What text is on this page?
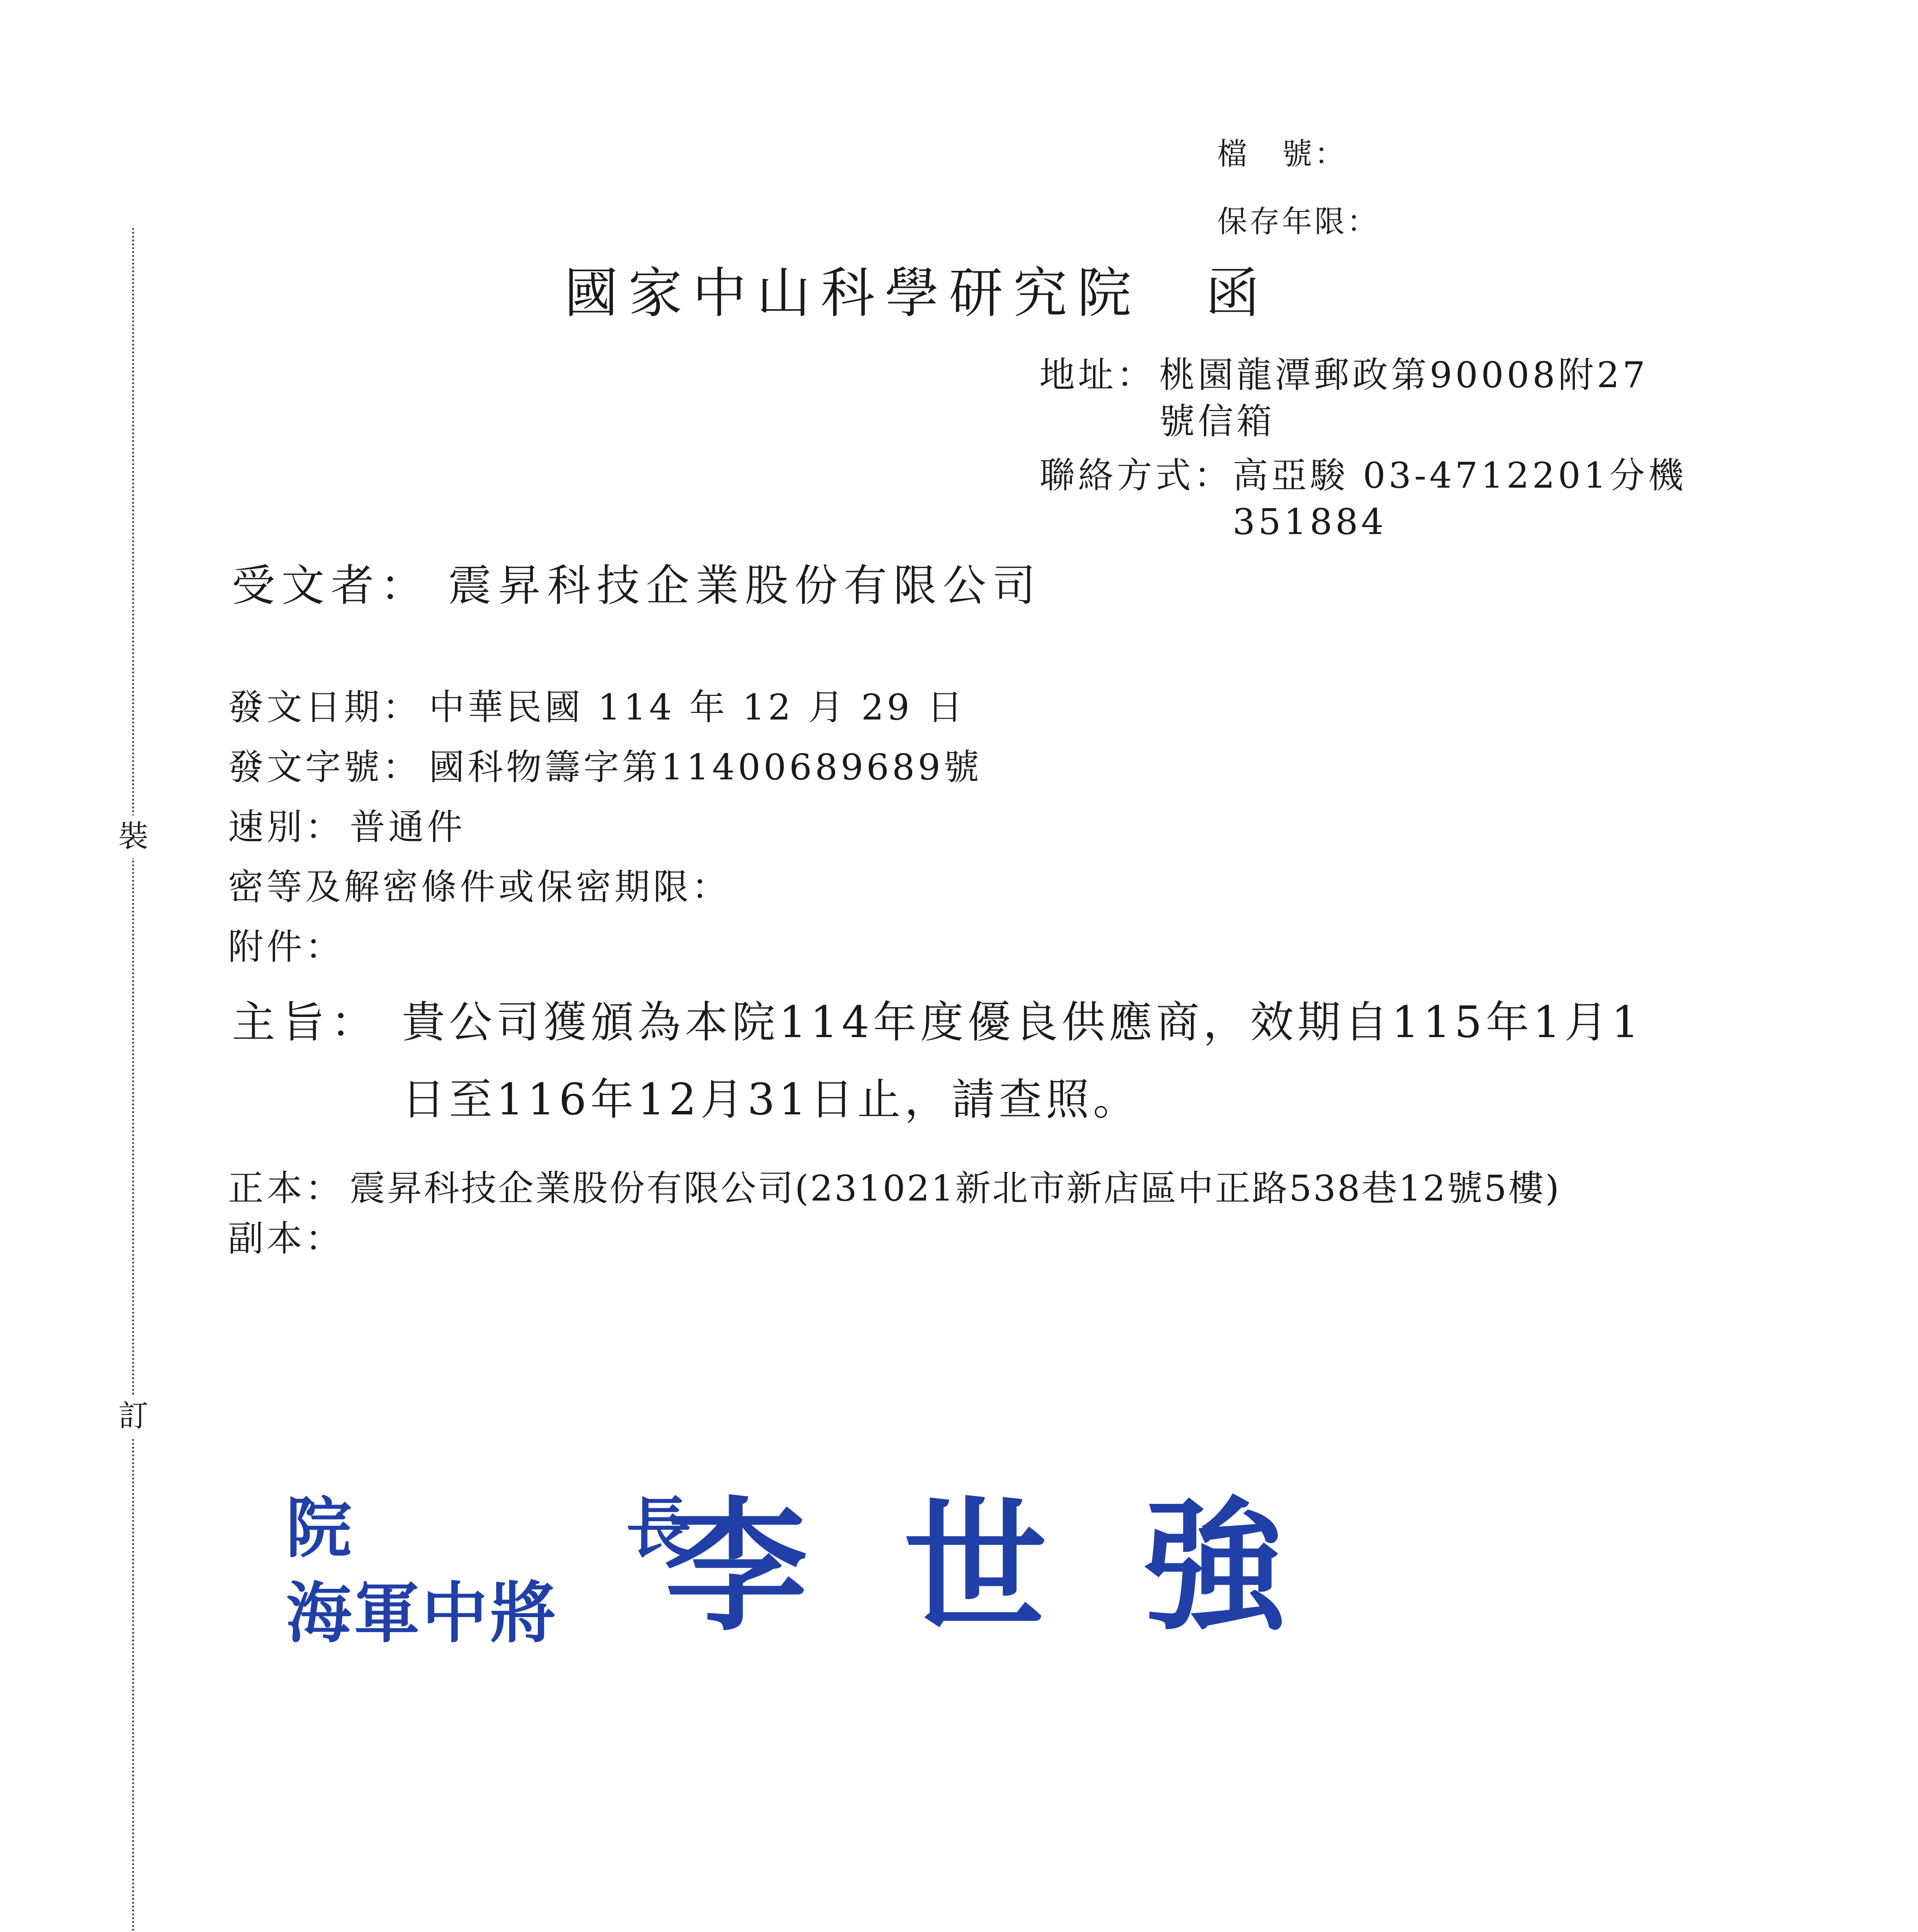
裝
訂
檔　號：
保存年限：
國家中山科學研究院　函
地址： 桃園龍潭郵政第90008附27
號信箱
聯絡方式： 高亞駿 03-4712201分機
351884
受文者： 震昇科技企業股份有限公司
發文日期： 中華民國 114 年 12 月 29 日
發文字號： 國科物籌字第11400689689號
速別： 普通件
密等及解密條件或保密期限：
附件：
主旨： 貴公司獲頒為本院114年度優良供應商，效期自115年1月1
日至116年12月31日止，請查照。
正本： 震昇科技企業股份有限公司(231021新北市新店區中正路538巷12號5樓)
副本：
院　　　　長
海軍中將 李 世 強
